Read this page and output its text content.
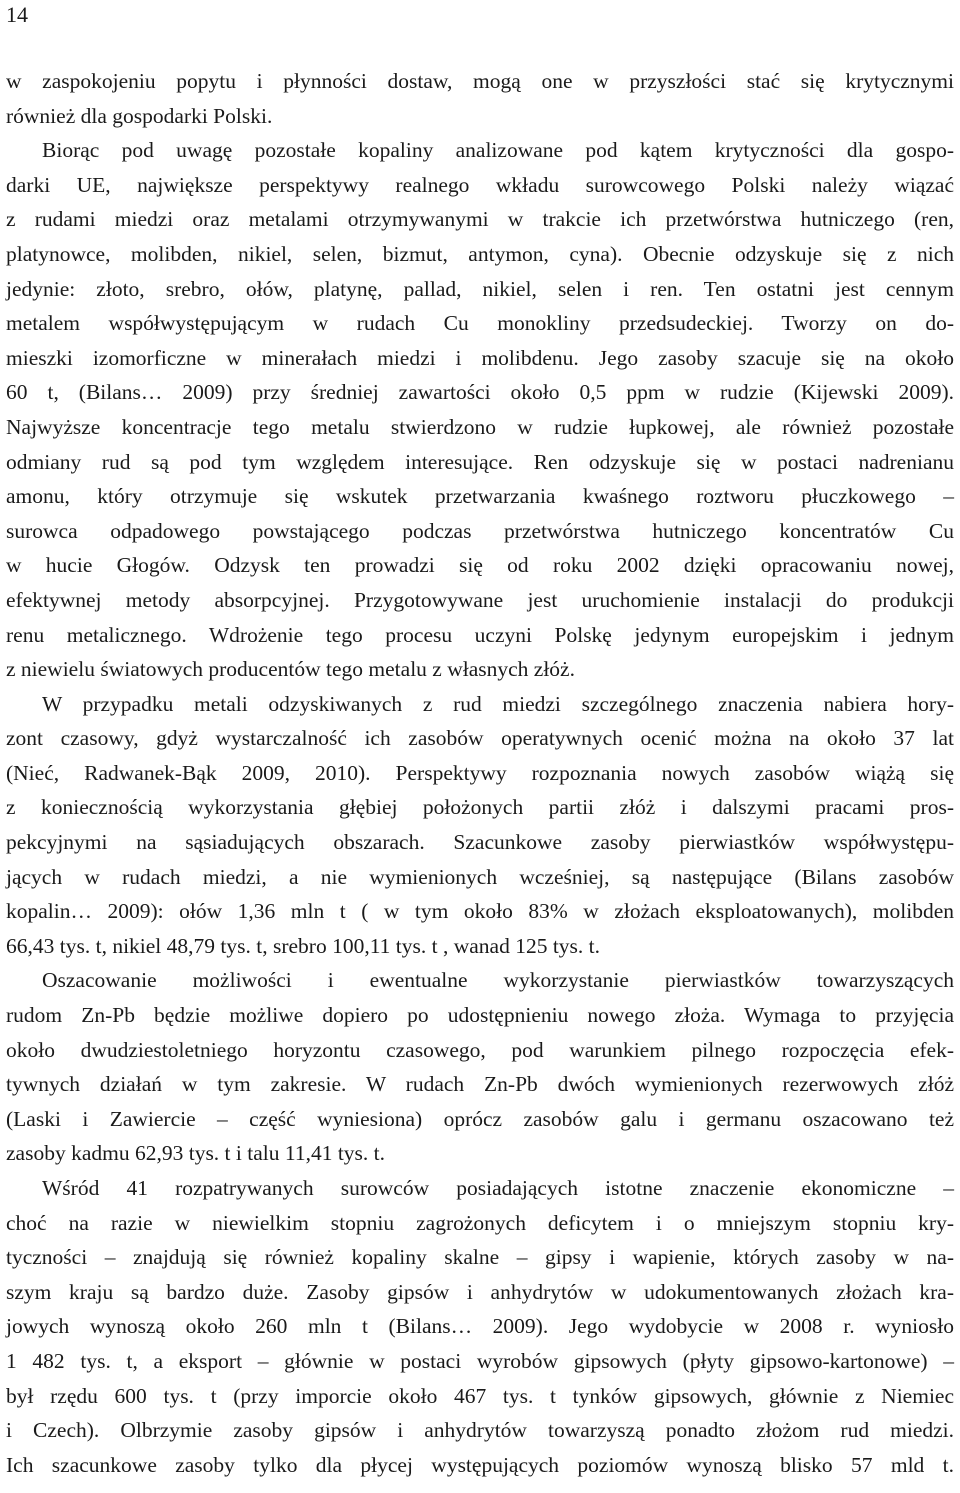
14
w zaspokojeniu popytu i płynności dostaw, mogą one w przyszłości stać się krytycznymi
również dla gospodarki Polski.
Biorąc pod uwagę pozostałe kopaliny analizowane pod kątem krytyczności dla gospo-
darki UE, największe perspektywy realnego wkładu surowcowego Polski należy wiązać
z rudami miedzi oraz metalami otrzymywanymi w trakcie ich przetwórstwa hutniczego (ren,
platynowce, molibden, nikiel, selen, bizmut, antymon, cyna). Obecnie odzyskuje się z nich
jedynie: złoto, srebro, ołów, platynę, pallad, nikiel, selen i ren. Ten ostatni jest cennym
metalem współwystępującym w rudach Cu monokliny przedsudeckiej. Tworzy on do-
mieszki izomorficzne w minerałach miedzi i molibdenu. Jego zasoby szacuje się na około
60 t, (Bilans… 2009) przy średniej zawartości około 0,5 ppm w rudzie (Kijewski 2009).
Najwyższe koncentracje tego metalu stwierdzono w rudzie łupkowej, ale również pozostałe
odmiany rud są pod tym względem interesujące. Ren odzyskuje się w postaci nadrenianu
amonu, który otrzymuje się wskutek przetwarzania kwaśnego roztworu płuczkowego –
surowca odpadowego powstającego podczas przetwórstwa hutniczego koncentratów Cu
w hucie Głogów. Odzysk ten prowadzi się od roku 2002 dzięki opracowaniu nowej,
efektywnej metody absorpcyjnej. Przygotowywane jest uruchomienie instalacji do produkcji
renu metalicznego. Wdrożenie tego procesu uczyni Polskę jedynym europejskim i jednym
z niewielu światowych producentów tego metalu z własnych złóż.
W przypadku metali odzyskiwanych z rud miedzi szczególnego znaczenia nabiera hory-
zont czasowy, gdyż wystarczalność ich zasobów operatywnych ocenić można na około 37 lat
(Nieć, Radwanek-Bąk 2009, 2010). Perspektywy rozpoznania nowych zasobów wiążą się
z koniecznością wykorzystania głębiej położonych partii złóż i dalszymi pracami pros-
pekcyjnymi na sąsiadujących obszarach. Szacunkowe zasoby pierwiastków współwystępu-
jących w rudach miedzi, a nie wymienionych wcześniej, są następujące (Bilans zasobów
kopalin… 2009): ołów 1,36 mln t ( w tym około 83% w złożach eksploatowanych), molibden
66,43 tys. t, nikiel 48,79 tys. t, srebro 100,11 tys. t , wanad 125 tys. t.
Oszacowanie możliwości i ewentualne wykorzystanie pierwiastków towarzyszących
rudom Zn-Pb będzie możliwe dopiero po udostępnieniu nowego złoża. Wymaga to przyjęcia
około dwudziestoletniego horyzontu czasowego, pod warunkiem pilnego rozpoczęcia efek-
tywnych działań w tym zakresie. W rudach Zn-Pb dwóch wymienionych rezerwowych złóż
(Laski i Zawiercie – część wyniesiona) oprócz zasobów galu i germanu oszacowano też
zasoby kadmu 62,93 tys. t i talu 11,41 tys. t.
Wśród 41 rozpatrywanych surowców posiadających istotne znaczenie ekonomiczne –
choć na razie w niewielkim stopniu zagrożonych deficytem i o mniejszym stopniu kry-
tyczności – znajdują się również kopaliny skalne – gipsy i wapienie, których zasoby w na-
szym kraju są bardzo duże. Zasoby gipsów i anhydrytów w udokumentowanych złożach kra-
jowych wynoszą około 260 mln t (Bilans… 2009). Jego wydobycie w 2008 r. wyniosło
1 482 tys. t, a eksport – głównie w postaci wyrobów gipsowych (płyty gipsowo-kartonowe) –
był rzędu 600 tys. t (przy imporcie około 467 tys. t tynków gipsowych, głównie z Niemiec
i Czech). Olbrzymie zasoby gipsów i anhydrytów towarzyszą ponadto złożom rud miedzi.
Ich szacunkowe zasoby tylko dla płycej występujących poziomów wynoszą blisko 57 mld t.
